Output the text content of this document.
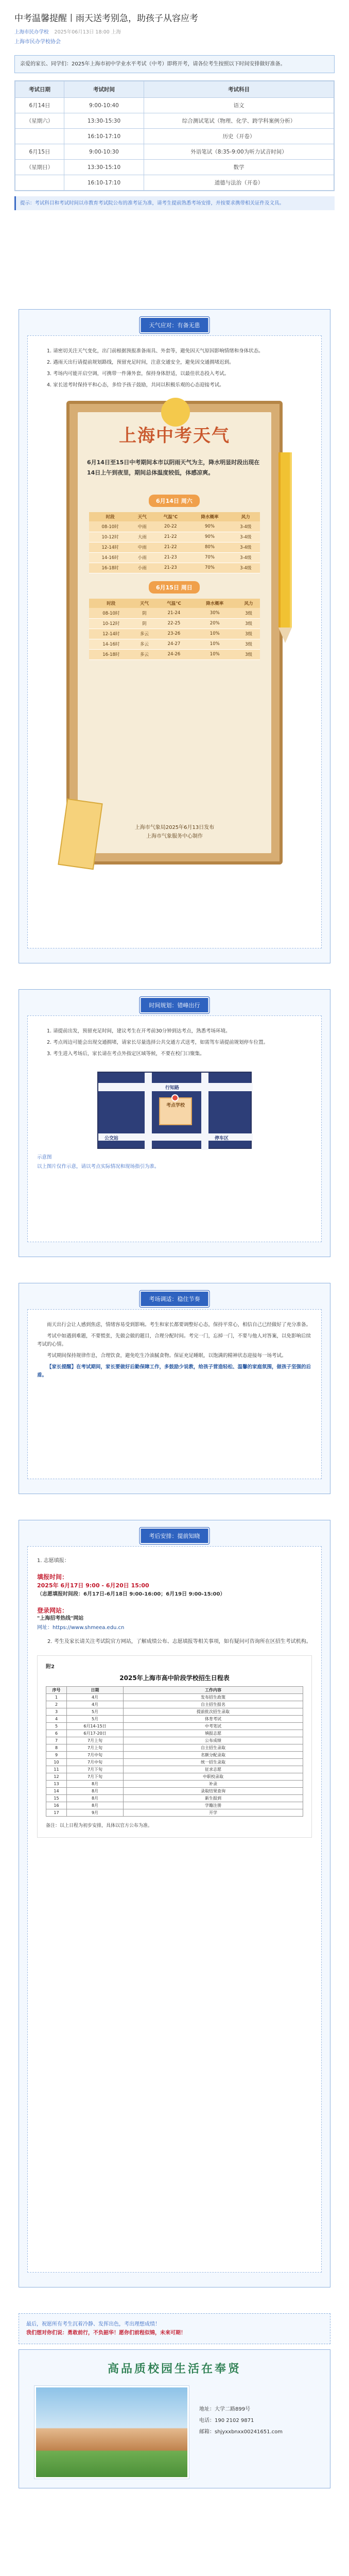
中考温馨提醒丨雨天送考别急，助孩子从容应考
上海市民办学校 2025年06月13日 18:00 上海
上海市民办学校协会
亲爱的家长、同学们：2025年上海市初中学业水平考试（中考）即将开考，请各位考生按照以下时间安排做好准备。
考试日期	考试时间	考试科目
6月14日	9:00-10:40	语文
（星期六）	13:30-15:30	综合测试笔试（物理、化学、跨学科案例分析）
	16:10-17:10	历史（开卷）
6月15日	9:00-10:30	外语笔试（8:35-9:00为听力试音时间）
（星期日）	13:30-15:10	数学
	16:10-17:10	道德与法治（开卷）
提示：考试科目和考试时间以市教育考试院公布的准考证为准，请考生提前熟悉考场安排，并按要求携带相关证件及文具。
天气应对：有备无患

1. 请密切关注天气变化，出门前根据预报准备雨具、外套等，避免因天气原因影响情绪和身体状态。

2. 遇雨天出行请提前规划路线，预留充足时间，注意交通安全，避免因交通拥堵迟到。

3. 考场内可能开启空调，可携带一件薄外套，保持身体舒适，以最佳状态投入考试。

4. 家长送考时保持平和心态，多给予孩子鼓励，共同以积极乐观的心态迎接考试。

上海中考天气
6月14日至15日中考期间本市以阴雨天气为主，降水明显时段出现在14日上午到夜里，期间总体温度较低，体感凉爽。
6月14日 周六
时段	天气	气温°C	降水概率	风力
08-10时	中雨	20-22	90%	3-4级
10-12时	大雨	21-22	90%	3-4级
12-14时	中雨	21-22	80%	3-4级
14-16时	小雨	21-23	70%	3-4级
16-18时	小雨	21-23	70%	3-4级
6月15日 周日
时段	天气	气温°C	降水概率	风力
08-10时	阴	21-24	30%	3级
10-12时	阴	22-25	20%	3级
12-14时	多云	23-26	10%	3级
14-16时	多云	24-27	10%	3级
16-18时	多云	24-26	10%	3级
上海市气象局2025年6月13日发布
上海市气象服务中心制作
时间规划：错峰出行

1. 请提前出发，预留充足时间，建议考生在开考前30分钟到达考点，熟悉考场环境。

2. 考点周边可能会出现交通拥堵，请家长尽量选择公共交通方式送考，如需驾车请提前规划停车位置。

3. 考生进入考场后，家长请在考点外指定区域等候，不要在校门口聚集。

行知路
考点学校
停车区
公交站
示意图
以上图片仅作示意，请以考点实际情况和现场指引为准。
考场调适：稳住节奏

雨天出行会让人感到焦虑，情绪容易受到影响。考生和家长都要调整好心态，保持平常心，相信自己已经做好了充分准备。

考试中如遇到难题，不要慌张，先做会做的题目，合理分配时间。考完一门，忘掉一门，不要与他人对答案，以免影响后续考试的心情。

考试期间保持规律作息，合理饮食，避免吃生冷油腻食物。保证充足睡眠，以饱满的精神状态迎接每一场考试。

【家长提醒】在考试期间，家长要做好后勤保障工作，多鼓励少说教，给孩子营造轻松、温馨的家庭氛围，做孩子坚强的后盾。

考后安排：提前知晓
1. 志愿填报：
填报时间：
2025年 6月17日 9:00 - 6月20日 15:00
（志愿填报时间段：6月17日-6月18日 9:00-16:00；6月19日 9:00-15:00）
登录网站：
"上海招考热线"网站
网址：https://www.shmeea.edu.cn
2. 考生及家长请关注考试院官方网站，了解成绩公布、志愿填报等相关事项，如有疑问可咨询所在区招生考试机构。
附2
2025年上海市高中阶段学校招生日程表
序号	日期	工作内容
1	4月	发布招生政策
2	4月	自主招生报名
3	5月	提前批次招生录取
4	5月	体育考试
5	6月14-15日	中考笔试
6	6月17-20日	填报志愿
7	7月上旬	公布成绩
8	7月上旬	自主招生录取
9	7月中旬	名额分配录取
10	7月中旬	统一招生录取
11	7月下旬	征求志愿
12	7月下旬	中职校录取
13	8月	补录
14	8月	录取结果查询
15	8月	新生报到
16	8月	学籍注册
17	9月	开学
备注：以上日程为初步安排，具体以官方公布为准。
最后，祝愿所有考生沉着冷静、发挥出色，考出理想成绩！
我们想对你们说：勇敢前行，不负韶华！愿你们前程似锦，未来可期！
高品质校园生活在奉贤
地址：大学二路899号
电话：190 2102 9871
邮箱：shjyxxbnxx00241651.com
